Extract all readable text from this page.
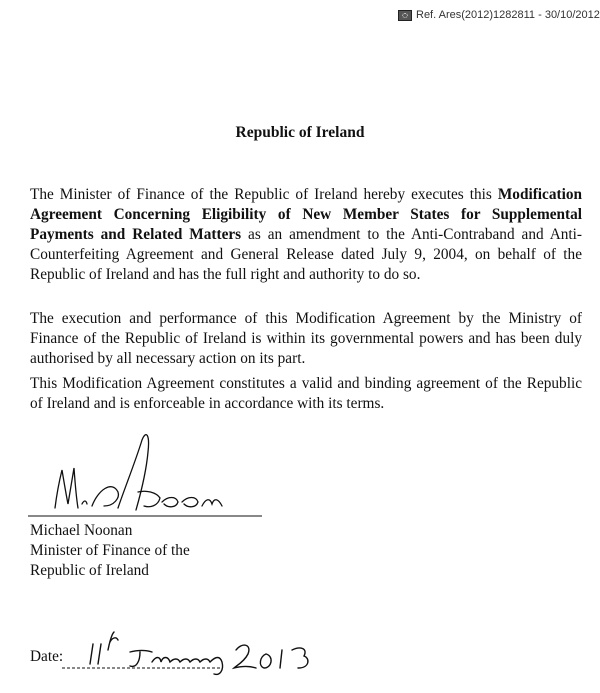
Ref. Ares(2012)1282811 - 30/10/2012
Republic of Ireland
The Minister of Finance of the Republic of Ireland hereby executes this Modification Agreement Concerning Eligibility of New Member States for Supplemental Payments and Related Matters as an amendment to the Anti-Contraband and Anti-Counterfeiting Agreement and General Release dated July 9, 2004, on behalf of the Republic of Ireland and has the full right and authority to do so.
The execution and performance of this Modification Agreement by the Ministry of Finance of the Republic of Ireland is within its governmental powers and has been duly authorised by all necessary action on its part.
This Modification Agreement constitutes a valid and binding agreement of the Republic of Ireland and is enforceable in accordance with its terms.
Michael Noonan
Minister of Finance of the
Republic of Ireland
Date:
